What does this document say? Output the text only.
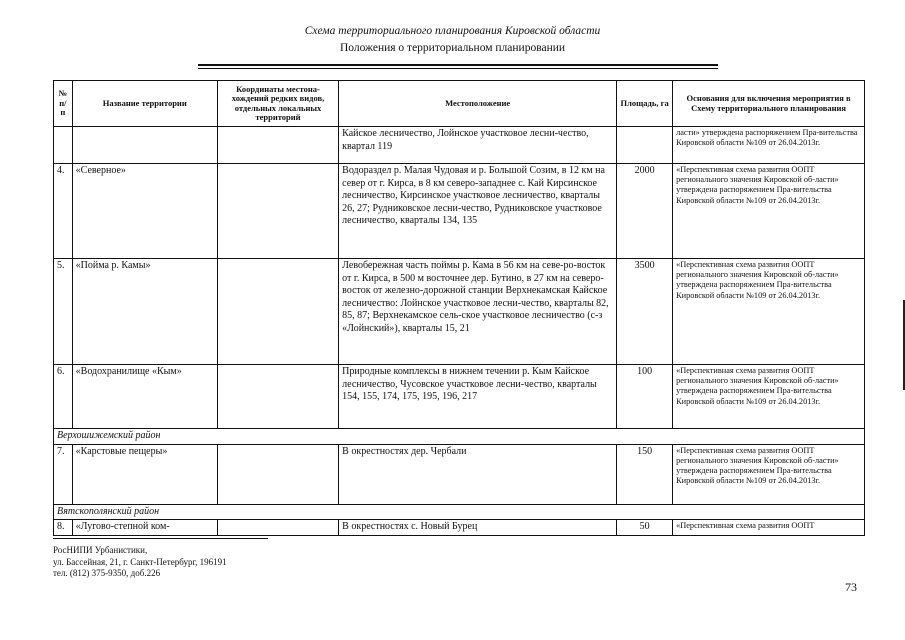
Схема территориального планирования Кировской области
Положения о территориальном планировании
№ п/п	Название территории	Координаты местона-хождений редких видов, отдельных локальных территорий	Местоположение	Площадь, га	Основания для включения мероприятия в Схему территориального планирования
			Кайское лесничество, Лойнское участковое лесни-чество, квартал 119		ласти» утверждена распоряжением Пра-вительства Кировской области №109 от 26.04.2013г.
4.	«Северное»		Водораздел р. Малая Чудовая и р. Большой Созим, в 12 км на север от г. Кирса, в 8 км северо-западнее с. Кай Кирсинское лесничество, Кирсинское участковое лесничество, кварталы 26, 27; Рудниковское лесни-чество, Рудниковское участковое лесничество, кварталы 134, 135	2000	«Перспективная схема развития ООПТ регионального значения Кировской об-ласти» утверждена распоряжением Пра-вительства Кировской области №109 от 26.04.2013г.
5.	«Пойма р. Камы»		Левобережная часть поймы р. Кама в 56 км на севе-ро-восток от г. Кирса, в 500 м восточнее дер. Бутино, в 27 км на северо-восток от железно-дорожной станции Верхнекамская Кайское лесничество: Лойнское участковое лесни-чество, кварталы 82, 85, 87; Верхнекамское сель-ское участковое лесничество (с-з «Лойнский»), кварталы 15, 21	3500	«Перспективная схема развития ООПТ регионального значения Кировской об-ласти» утверждена распоряжением Пра-вительства Кировской области №109 от 26.04.2013г.
6.	«Водохранилище «Кым»		Природные комплексы в нижнем течении р. Кым Кайское лесничество, Чусовское участковое лесни-чество, кварталы 154, 155, 174, 175, 195, 196, 217	100	«Перспективная схема развития ООПТ регионального значения Кировской об-ласти» утверждена распоряжением Пра-вительства Кировской области №109 от 26.04.2013г.
Верхошижемский район					
7.	«Карстовые пещеры»		В окрестностях дер. Чербали	150	«Перспективная схема развития ООПТ регионального значения Кировской об-ласти» утверждена распоряжением Пра-вительства Кировской области №109 от 26.04.2013г.
Вятскополянский район					
8.	«Лугово-степной ком-		В окрестностях с. Новый Бурец	50	«Перспективная схема развития ООПТ
РосНИПИ Урбанистики,
ул. Бассейная, 21, г. Санкт-Петербург, 196191
тел. (812) 375-9350, доб.226
73
